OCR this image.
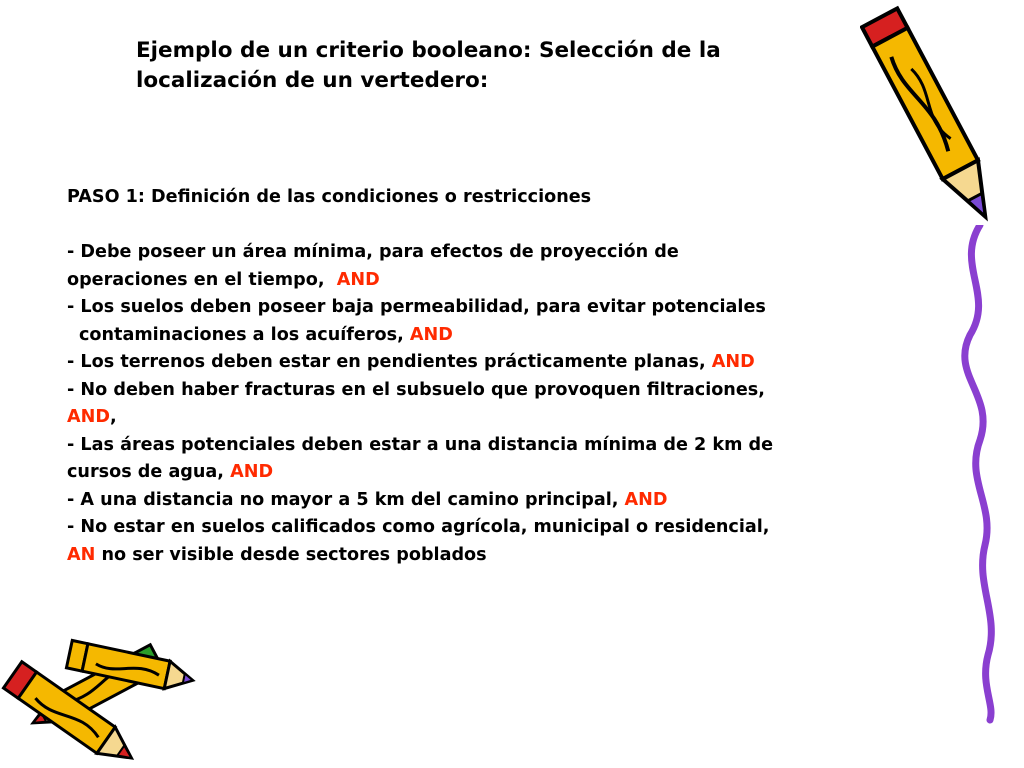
Ejemplo de un criterio booleano: Selección de la
localización de un vertedero:

PASO 1: Definición de las condiciones o restricciones

- Debe poseer un área mínima, para efectos de proyección de
operaciones en el tiempo,  AND

- Los suelos deben poseer baja permeabilidad, para evitar potenciales
contaminaciones a los acuíferos, AND

- Los terrenos deben estar en pendientes prácticamente planas, AND

- No deben haber fracturas en el subsuelo que provoquen filtraciones,
AND,

- Las áreas potenciales deben estar a una distancia mínima de 2 km de
cursos de agua, AND

- A una distancia no mayor a 5 km del camino principal, AND

- No estar en suelos calificados como agrícola, municipal o residencial,
AN no ser visible desde sectores poblados
